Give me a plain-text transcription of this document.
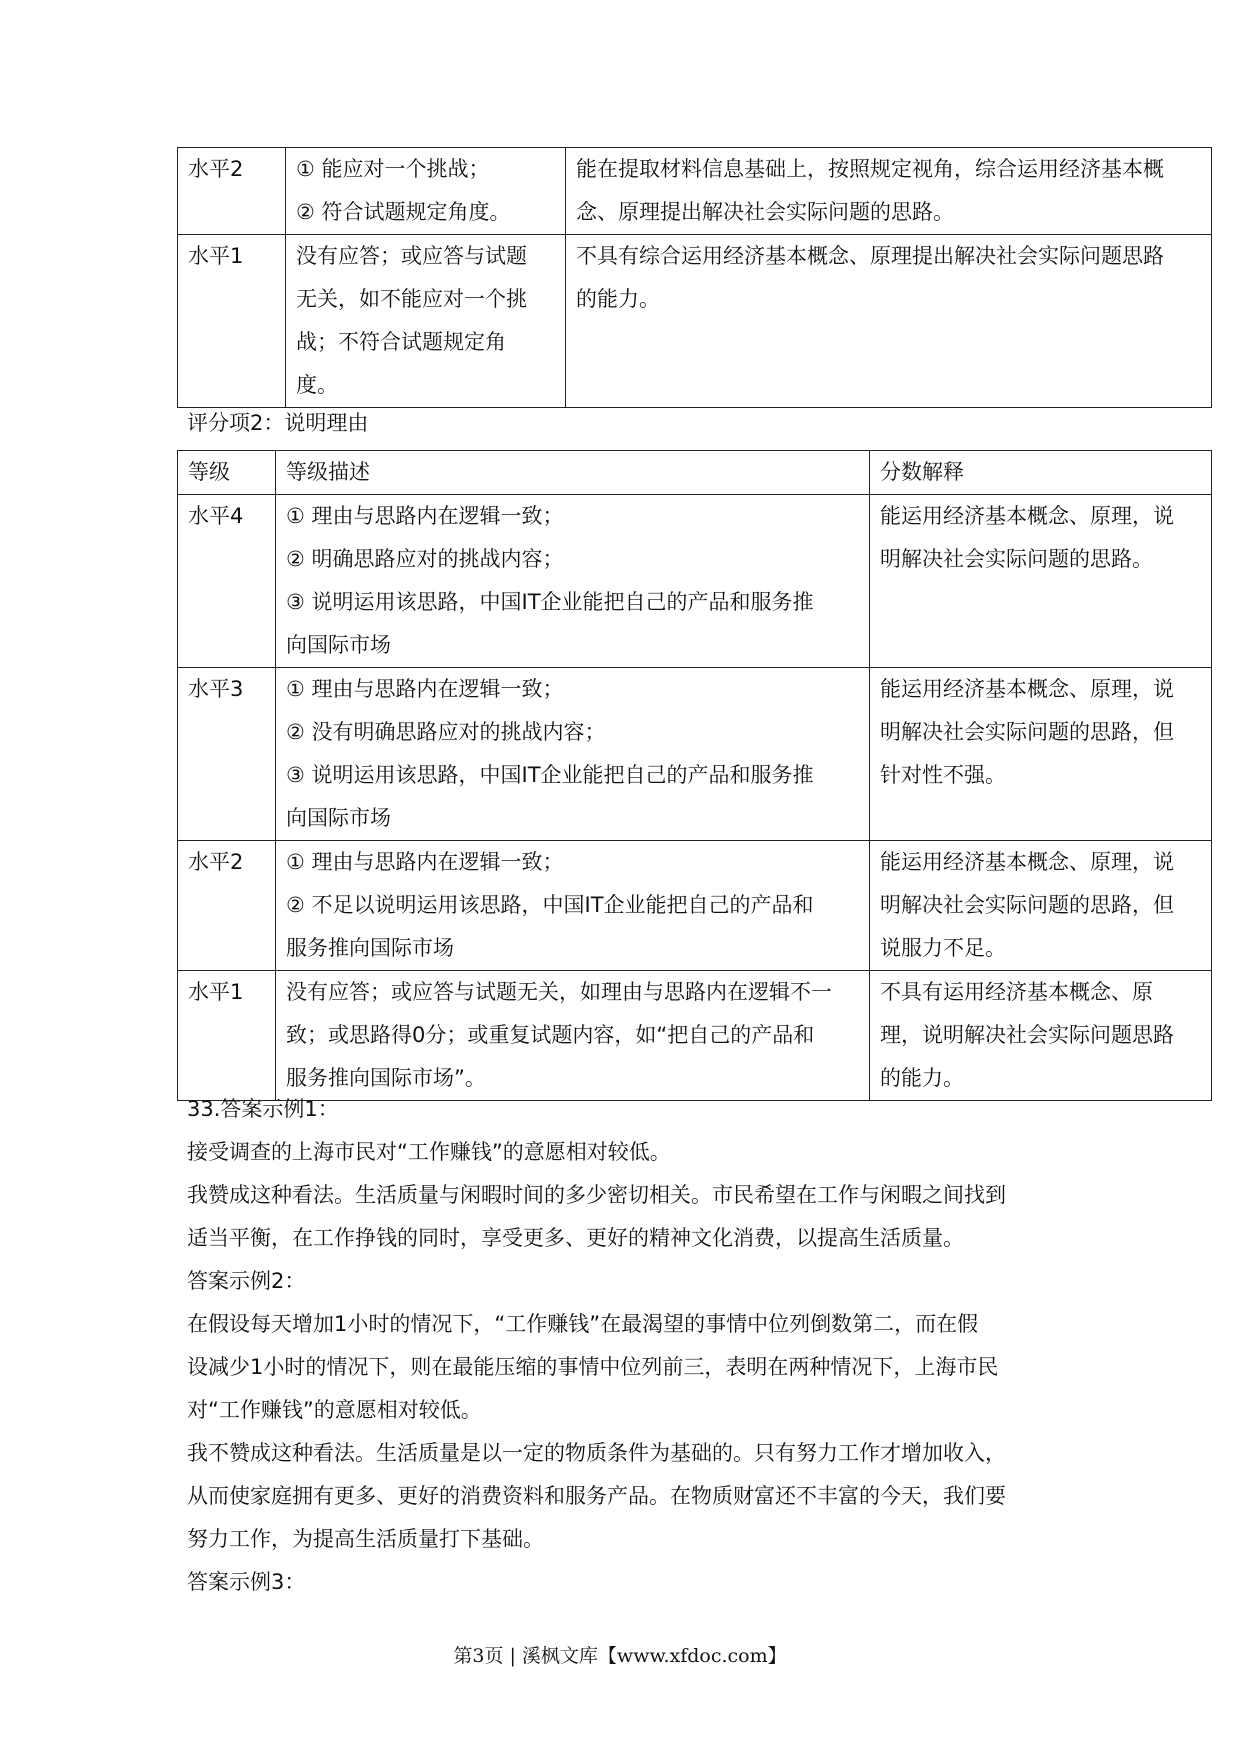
水平2	① 能应对一个挑战；
② 符合试题规定角度。	能在提取材料信息基础上，按照规定视角，综合运用经济基本概
念、原理提出解决社会实际问题的思路。

水平1	没有应答；或应答与试题
无关，如不能应对一个挑
战；不符合试题规定角
度。	不具有综合运用经济基本概念、原理提出解决社会实际问题思路
的能力。
评分项2：说明理由
等级	等级描述	分数解释

水平4	① 理由与思路内在逻辑一致；
② 明确思路应对的挑战内容；
③ 说明运用该思路，中国IT企业能把自己的产品和服务推
向国际市场	能运用经济基本概念、原理，说
明解决社会实际问题的思路。

水平3	① 理由与思路内在逻辑一致；
② 没有明确思路应对的挑战内容；
③ 说明运用该思路，中国IT企业能把自己的产品和服务推
向国际市场	能运用经济基本概念、原理，说
明解决社会实际问题的思路，但
针对性不强。

水平2	① 理由与思路内在逻辑一致；
② 不足以说明运用该思路，中国IT企业能把自己的产品和
服务推向国际市场	能运用经济基本概念、原理，说
明解决社会实际问题的思路，但
说服力不足。

水平1	没有应答；或应答与试题无关，如理由与思路内在逻辑不一
致；或思路得0分；或重复试题内容，如“把自己的产品和
服务推向国际市场”。	不具有运用经济基本概念、原
理，说明解决社会实际问题思路
的能力。

33.答案示例1：

接受调查的上海市民对“工作赚钱”的意愿相对较低。

我赞成这种看法。生活质量与闲暇时间的多少密切相关。市民希望在工作与闲暇之间找到

适当平衡，在工作挣钱的同时，享受更多、更好的精神文化消费，以提高生活质量。

答案示例2：

在假设每天增加1小时的情况下，“工作赚钱”在最渴望的事情中位列倒数第二，而在假

设减少1小时的情况下，则在最能压缩的事情中位列前三，表明在两种情况下，上海市民

对“工作赚钱”的意愿相对较低。

我不赞成这种看法。生活质量是以一定的物质条件为基础的。只有努力工作才增加收入，

从而使家庭拥有更多、更好的消费资料和服务产品。在物质财富还不丰富的今天，我们要

努力工作，为提高生活质量打下基础。

答案示例3：

第3页 | 溪枫文库【www.xfdoc.com】
